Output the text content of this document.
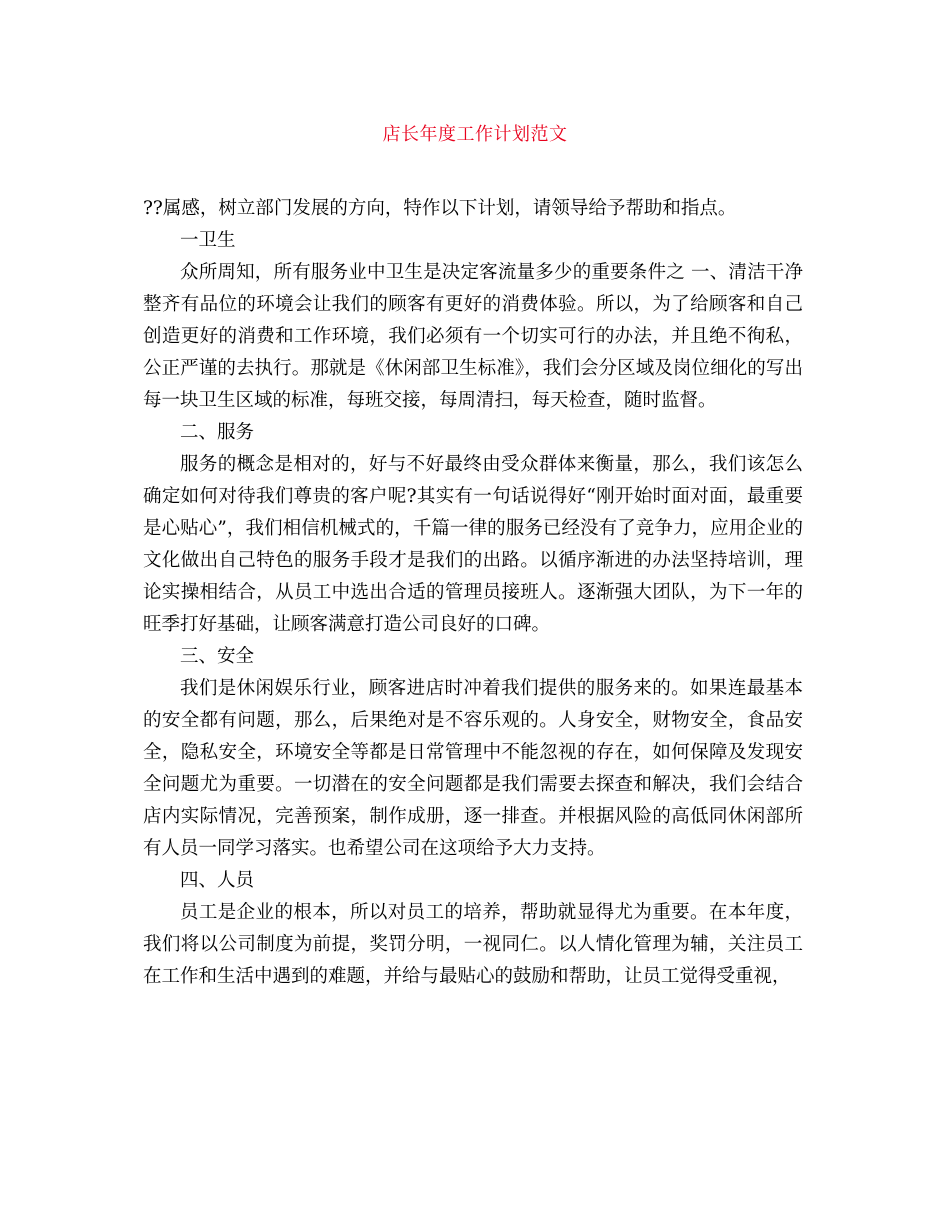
店长年度工作计划范文

??属感，树立部门发展的方向，特作以下计划，请领导给予帮助和指点。

一卫生

众所周知，所有服务业中卫生是决定客流量多少的重要条件之 一、清洁干净整齐有品位的环境会让我们的顾客有更好的消费体验。所以，为了给顾客和自己创造更好的消费和工作环境，我们必须有一个切实可行的办法，并且绝不徇私，公正严谨的去执行。那就是《休闲部卫生标准》，我们会分区域及岗位细化的写出每一块卫生区域的标准，每班交接，每周清扫，每天检查，随时监督。

二、服务

服务的概念是相对的，好与不好最终由受众群体来衡量，那么，我们该怎么确定如何对待我们尊贵的客户呢?其实有一句话说得好“刚开始时面对面，最重要是心贴心”，我们相信机械式的，千篇一律的服务已经没有了竞争力，应用企业的文化做出自己特色的服务手段才是我们的出路。以循序渐进的办法坚持培训，理论实操相结合，从员工中选出合适的管理员接班人。逐渐强大团队，为下一年的旺季打好基础，让顾客满意打造公司良好的口碑。

三、安全

我们是休闲娱乐行业，顾客进店时冲着我们提供的服务来的。如果连最基本的安全都有问题，那么，后果绝对是不容乐观的。人身安全，财物安全，食品安全，隐私安全，环境安全等都是日常管理中不能忽视的存在，如何保障及发现安全问题尤为重要。一切潜在的安全问题都是我们需要去探查和解决，我们会结合店内实际情况，完善预案，制作成册，逐一排查。并根据风险的高低同休闲部所有人员一同学习落实。也希望公司在这项给予大力支持。

四、人员

员工是企业的根本，所以对员工的培养，帮助就显得尤为重要。在本年度，我们将以公司制度为前提，奖罚分明，一视同仁。以人情化管理为辅，关注员工在工作和生活中遇到的难题，并给与最贴心的鼓励和帮助，让员工觉得受重视，
